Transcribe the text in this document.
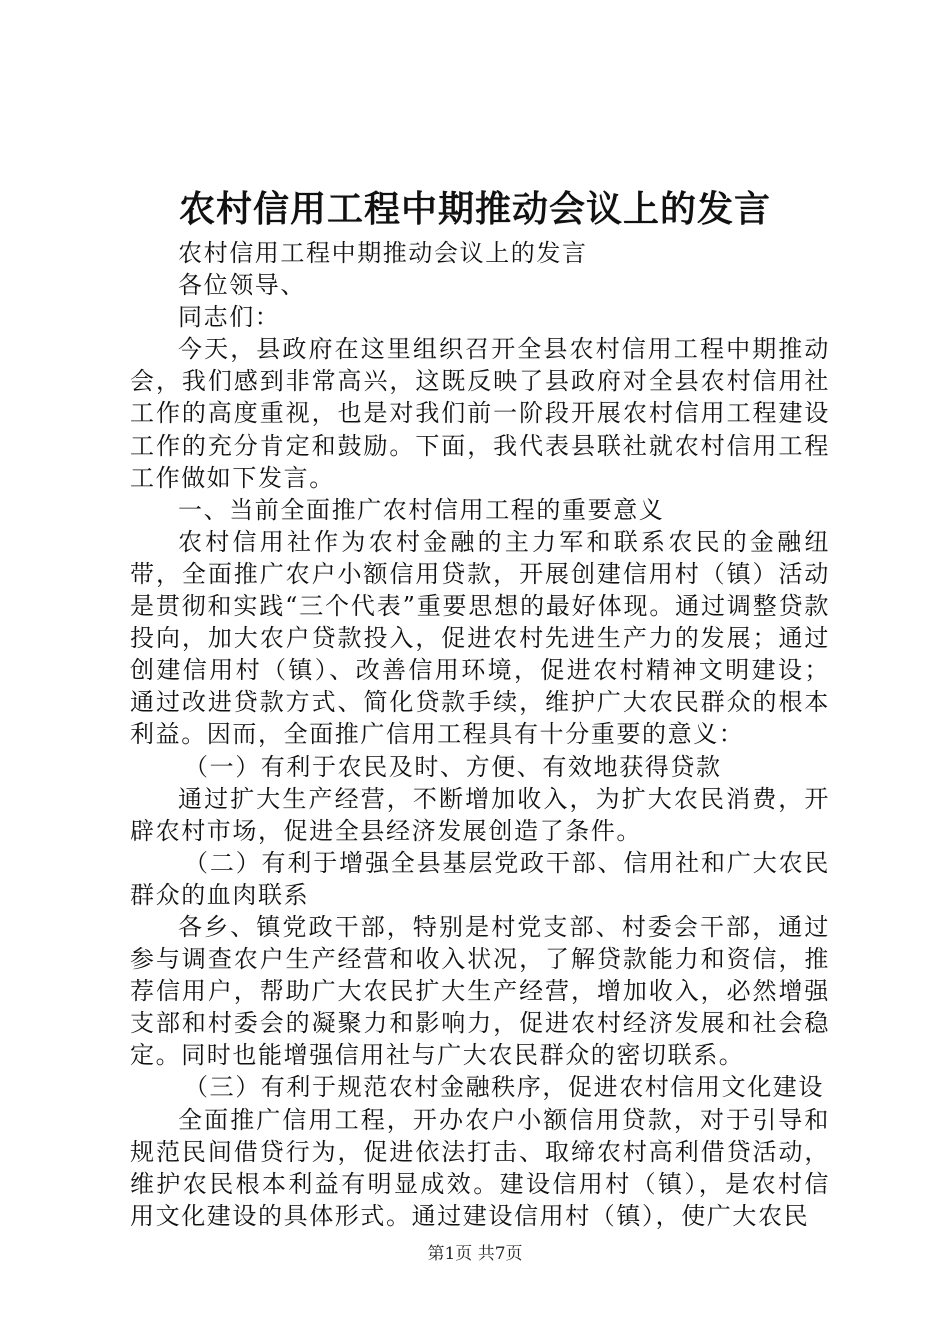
农村信用工程中期推动会议上的发言

农村信用工程中期推动会议上的发言

各位领导、

同志们：

今天，县政府在这里组织召开全县农村信用工程中期推动会，我们感到非常高兴，这既反映了县政府对全县农村信用社工作的高度重视，也是对我们前一阶段开展农村信用工程建设工作的充分肯定和鼓励。下面，我代表县联社就农村信用工程工作做如下发言。

一、当前全面推广农村信用工程的重要意义

农村信用社作为农村金融的主力军和联系农民的金融纽带，全面推广农户小额信用贷款，开展创建信用村（镇）活动是贯彻和实践“三个代表”重要思想的最好体现。通过调整贷款投向，加大农户贷款投入，促进农村先进生产力的发展；通过创建信用村（镇）、改善信用环境，促进农村精神文明建设；通过改进贷款方式、简化贷款手续，维护广大农民群众的根本利益。因而，全面推广信用工程具有十分重要的意义：

（一）有利于农民及时、方便、有效地获得贷款

通过扩大生产经营，不断增加收入，为扩大农民消费，开辟农村市场，促进全县经济发展创造了条件。

（二）有利于增强全县基层党政干部、信用社和广大农民群众的血肉联系

各乡、镇党政干部，特别是村党支部、村委会干部，通过参与调查农户生产经营和收入状况，了解贷款能力和资信，推荐信用户，帮助广大农民扩大生产经营，增加收入，必然增强支部和村委会的凝聚力和影响力，促进农村经济发展和社会稳定。同时也能增强信用社与广大农民群众的密切联系。

（三）有利于规范农村金融秩序，促进农村信用文化建设

全面推广信用工程，开办农户小额信用贷款，对于引导和规范民间借贷行为，促进依法打击、取缔农村高利借贷活动，维护农民根本利益有明显成效。建设信用村（镇），是农村信用文化建设的具体形式。通过建设信用村（镇），使广大农民

第1页 共7页
